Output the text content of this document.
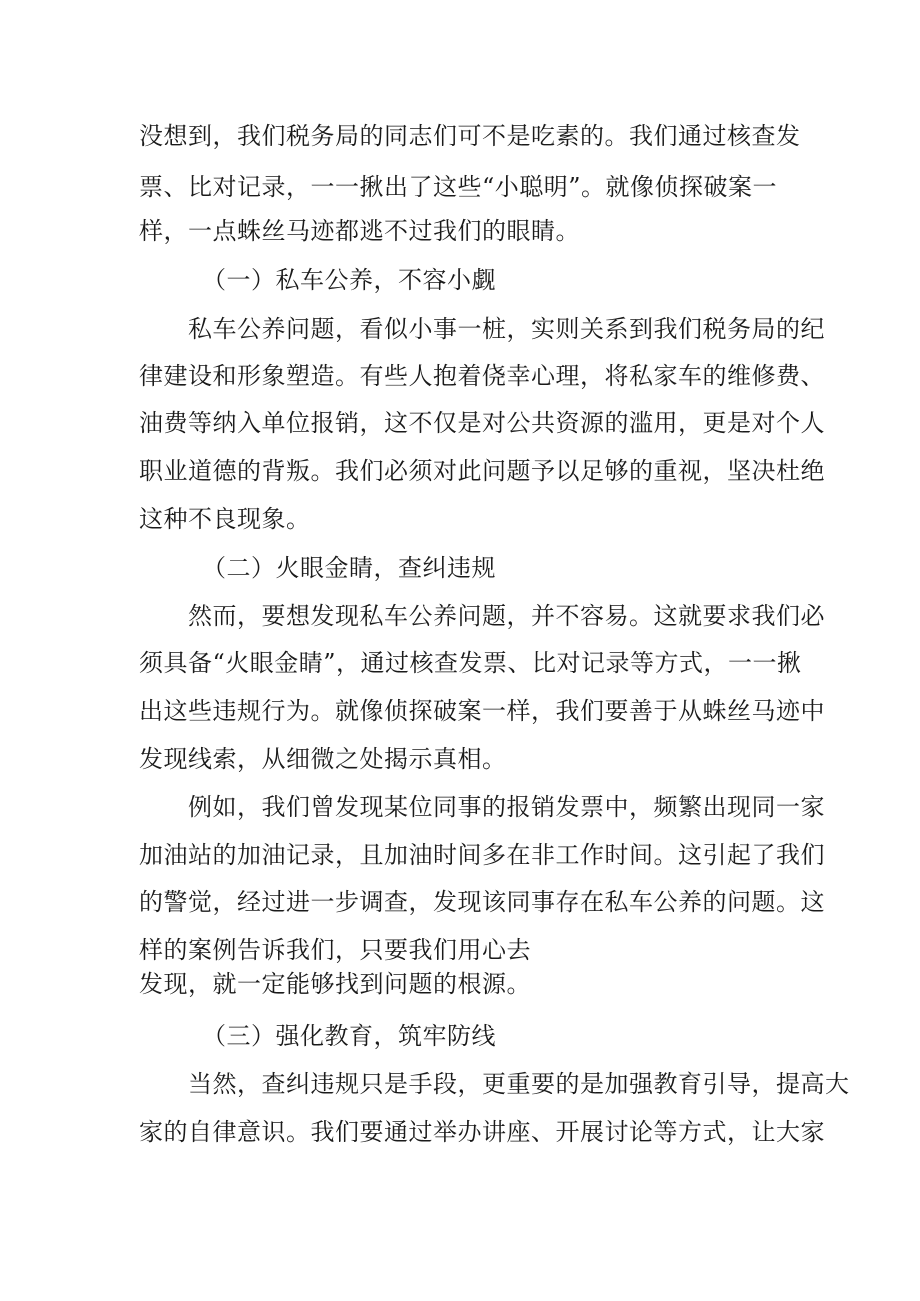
没想到，我们税务局的同志们可不是吃素的。我们通过核查发
票、比对记录，一一揪出了这些“小聪明”。就像侦探破案一
样，一点蛛丝马迹都逃不过我们的眼睛。
（一）私车公养，不容小觑
私车公养问题，看似小事一桩，实则关系到我们税务局的纪
律建设和形象塑造。有些人抱着侥幸心理，将私家车的维修费、
油费等纳入单位报销，这不仅是对公共资源的滥用，更是对个人
职业道德的背叛。我们必须对此问题予以足够的重视，坚决杜绝
这种不良现象。
（二）火眼金睛，查纠违规
然而，要想发现私车公养问题，并不容易。这就要求我们必
须具备“火眼金睛”，通过核查发票、比对记录等方式，一一揪
出这些违规行为。就像侦探破案一样，我们要善于从蛛丝马迹中
发现线索，从细微之处揭示真相。
例如，我们曾发现某位同事的报销发票中，频繁出现同一家
加油站的加油记录，且加油时间多在非工作时间。这引起了我们
的警觉，经过进一步调查，发现该同事存在私车公养的问题。这
样的案例告诉我们，只要我们用心去
发现，就一定能够找到问题的根源。
（三）强化教育，筑牢防线
当然，查纠违规只是手段，更重要的是加强教育引导，提高大
家的自律意识。我们要通过举办讲座、开展讨论等方式，让大家
